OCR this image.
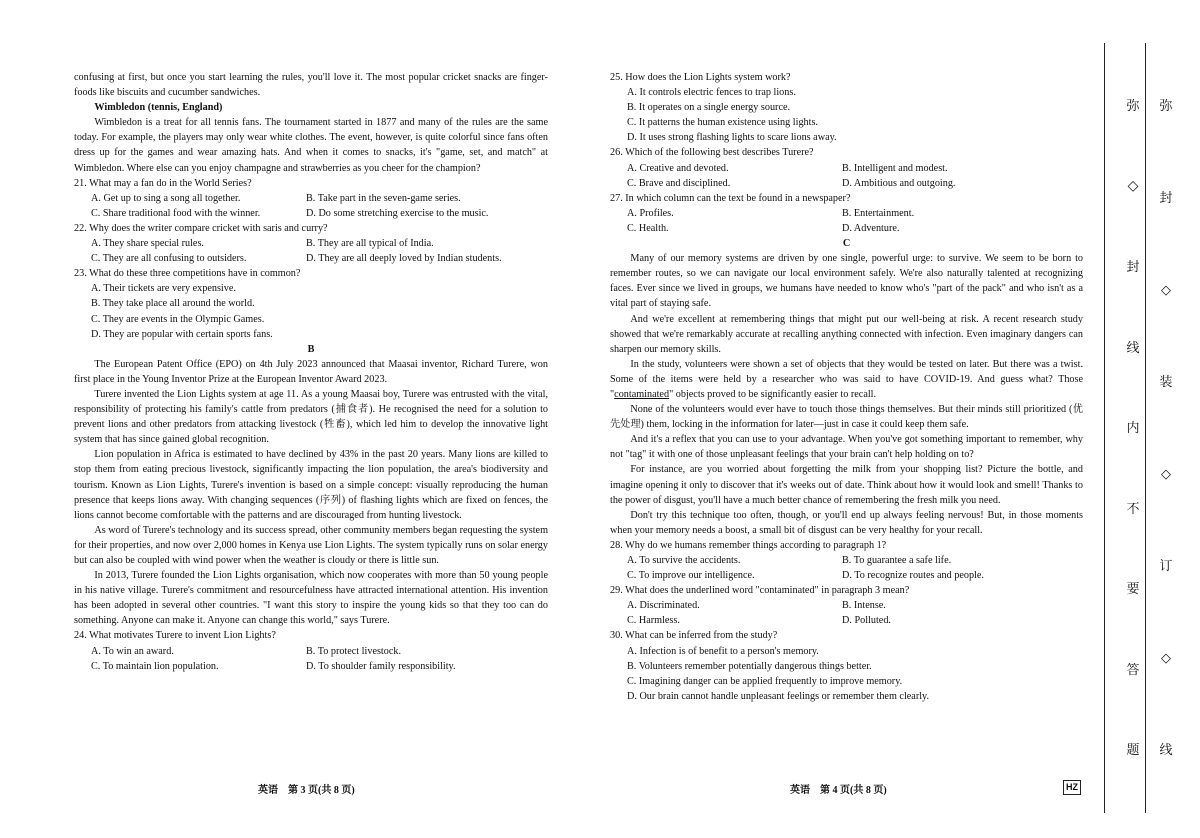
confusing at first, but once you start learning the rules, you'll love it. The most popular cricket snacks are finger-foods like biscuits and cucumber sandwiches.

Wimbledon (tennis, England)

Wimbledon is a treat for all tennis fans. The tournament started in 1877 and many of the rules are the same today. For example, the players may only wear white clothes. The event, however, is quite colorful since fans often dress up for the games and wear amazing hats. And when it comes to snacks, it's "game, set, and match" at Wimbledon. Where else can you enjoy champagne and strawberries as you cheer for the champion?

21. What may a fan do in the World Series?

A. Get up to sing a song all together.	B. Take part in the seven-game series.
C. Share traditional food with the winner.	D. Do some stretching exercise to the music.

22. Why does the writer compare cricket with saris and curry?

A. They share special rules.	B. They are all typical of India.
C. They are all confusing to outsiders.	D. They are all deeply loved by Indian students.

23. What do these three competitions have in common?

A. Their tickets are very expensive.

B. They take place all around the world.

C. They are events in the Olympic Games.

D. They are popular with certain sports fans.

B

The European Patent Office (EPO) on 4th July 2023 announced that Maasai inventor, Richard Turere, won first place in the Young Inventor Prize at the European Inventor Award 2023.

Turere invented the Lion Lights system at age 11. As a young Maasai boy, Turere was entrusted with the vital, responsibility of protecting his family's cattle from predators (捕食者). He recognised the need for a solution to prevent lions and other predators from attacking livestock (牲畜), which led him to develop the innovative light system that has since gained global recognition.

Lion population in Africa is estimated to have declined by 43% in the past 20 years. Many lions are killed to stop them from eating precious livestock, significantly impacting the lion population, the area's biodiversity and tourism. Known as Lion Lights, Turere's invention is based on a simple concept: visually reproducing the human presence that keeps lions away. With changing sequences (序列) of flashing lights which are fixed on fences, the lions cannot become comfortable with the patterns and are discouraged from hunting livestock.

As word of Turere's technology and its success spread, other community members began requesting the system for their properties, and now over 2,000 homes in Kenya use Lion Lights. The system typically runs on solar energy but can also be coupled with wind power when the weather is cloudy or there is little sun.

In 2013, Turere founded the Lion Lights organisation, which now cooperates with more than 50 young people in his native village. Turere's commitment and resourcefulness have attracted international attention. His invention has been adopted in several other countries. "I want this story to inspire the young kids so that they too can do something. Anyone can make it. Anyone can change this world," says Turere.

24. What motivates Turere to invent Lion Lights?

A. To win an award.	B. To protect livestock.
C. To maintain lion population.	D. To shoulder family responsibility.

25. How does the Lion Lights system work?

A. It controls electric fences to trap lions.

B. It operates on a single energy source.

C. It patterns the human existence using lights.

D. It uses strong flashing lights to scare lions away.

26. Which of the following best describes Turere?

A. Creative and devoted.	B. Intelligent and modest.
C. Brave and disciplined.	D. Ambitious and outgoing.

27. In which column can the text be found in a newspaper?

A. Profiles.	B. Entertainment.
C. Health.	D. Adventure.

C

Many of our memory systems are driven by one single, powerful urge: to survive. We seem to be born to remember routes, so we can navigate our local environment safely. We're also naturally talented at recognizing faces. Ever since we lived in groups, we humans have needed to know who's "part of the pack" and who isn't as a vital part of staying safe.

And we're excellent at remembering things that might put our well-being at risk. A recent research study showed that we're remarkably accurate at recalling anything connected with infection. Even imaginary dangers can sharpen our memory skills.

In the study, volunteers were shown a set of objects that they would be tested on later. But there was a twist. Some of the items were held by a researcher who was said to have COVID-19. And guess what? Those "contaminated" objects proved to be significantly easier to recall.

None of the volunteers would ever have to touch those things themselves. But their minds still prioritized (优先处理) them, locking in the information for later—just in case it could keep them safe.

And it's a reflex that you can use to your advantage. When you've got something important to remember, why not "tag" it with one of those unpleasant feelings that your brain can't help holding on to?

For instance, are you worried about forgetting the milk from your shopping list? Picture the bottle, and imagine opening it only to discover that it's weeks out of date. Think about how it would look and smell! Thanks to the power of disgust, you'll have a much better chance of remembering the fresh milk you need.

Don't try this technique too often, though, or you'll end up always feeling nervous! But, in those moments when your memory needs a boost, a small bit of disgust can be very healthy for your recall.

28. Why do we humans remember things according to paragraph 1?

A. To survive the accidents.	B. To guarantee a safe life.
C. To improve our intelligence.	D. To recognize routes and people.

29. What does the underlined word "contaminated" in paragraph 3 mean?

A. Discriminated.	B. Intense.
C. Harmless.	D. Polluted.

30. What can be inferred from the study?

A. Infection is of benefit to a person's memory.

B. Volunteers remember potentially dangerous things better.

C. Imagining danger can be applied frequently to improve memory.

D. Our brain cannot handle unpleasant feelings or remember them clearly.

英语　第 3 页(共 8 页)	英语　第 4 页(共 8 页)	HZ
弥
◇
封
线
内
不
要
答
题
弥
封
◇
装
◇
订
◇
线
